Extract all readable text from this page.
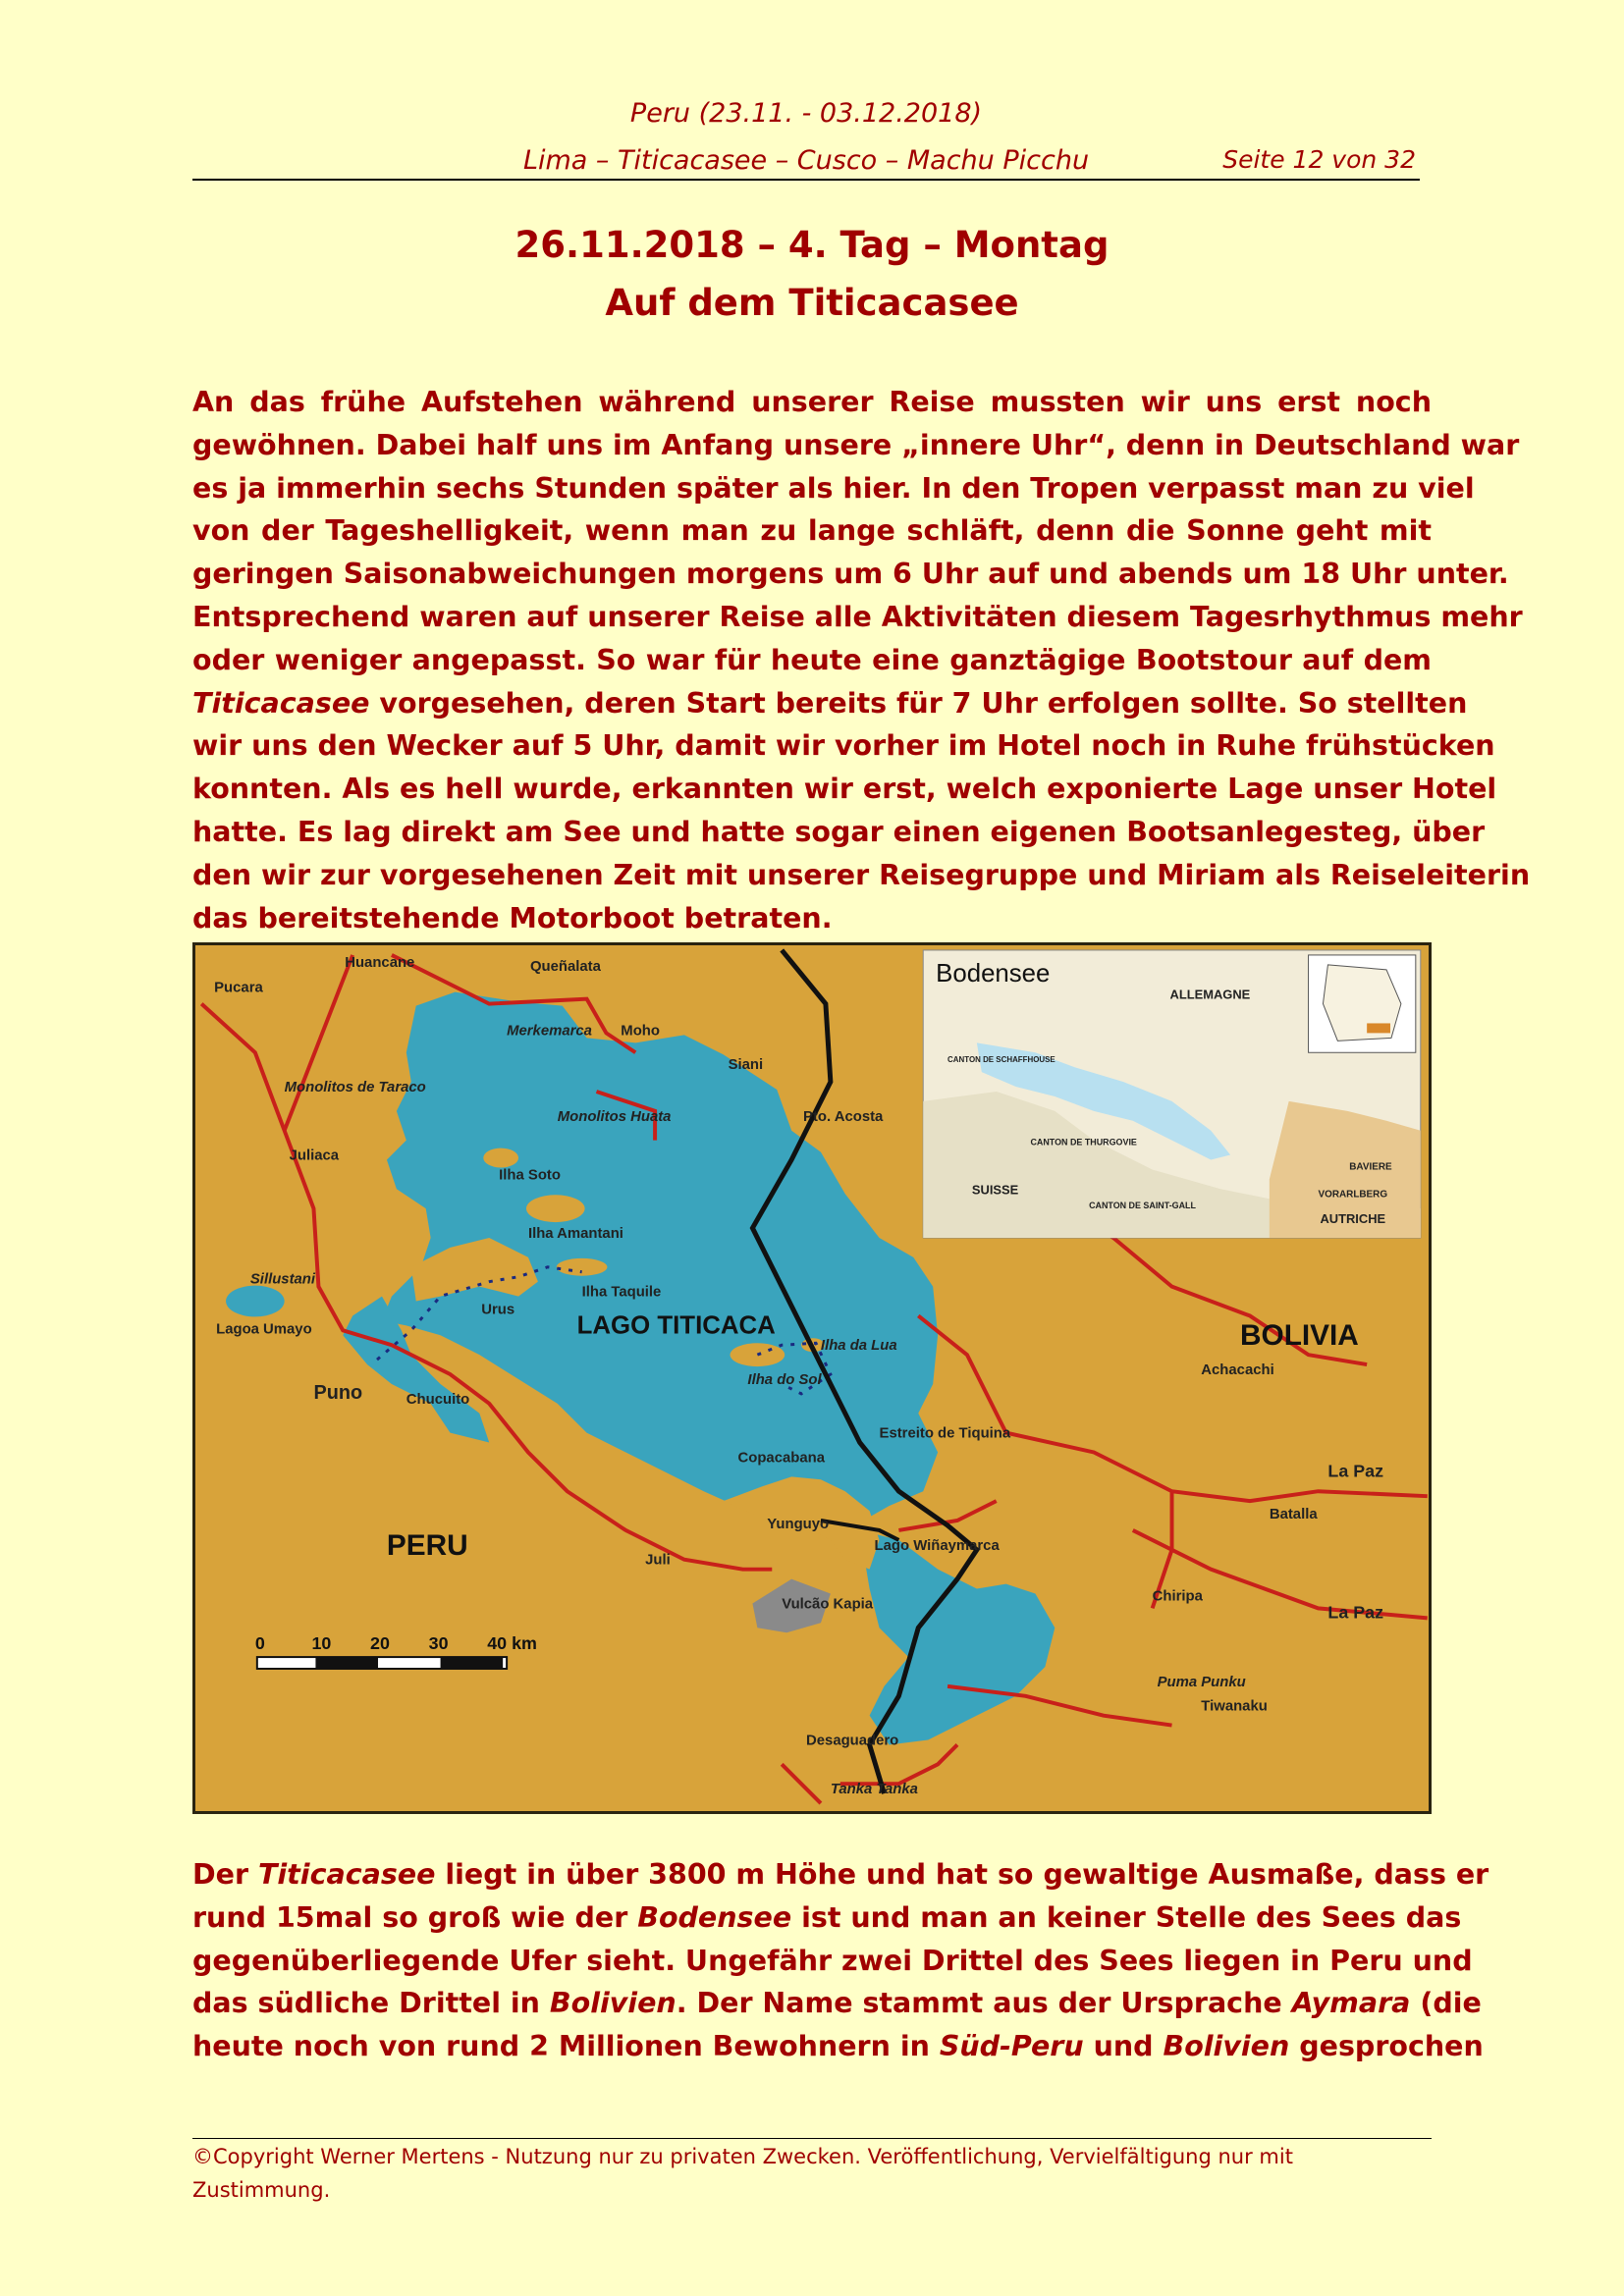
Peru (23.11. - 03.12.2018)
Lima – Titicacasee – Cusco – Machu Picchu	Seite 12 von 32
26.11.2018 – 4. Tag – Montag
Auf dem Titicacasee
An das frühe Aufstehen während unserer Reise mussten wir uns erst noch
gewöhnen. Dabei half uns im Anfang unsere „innere Uhr“, denn in Deutschland war
es ja immerhin sechs Stunden später als hier. In den Tropen verpasst man zu viel
von der Tageshelligkeit, wenn man zu lange schläft, denn die Sonne geht mit
geringen Saisonabweichungen morgens um 6 Uhr auf und abends um 18 Uhr unter.
Entsprechend waren auf unserer Reise alle Aktivitäten diesem Tagesrhythmus mehr
oder weniger angepasst. So war für heute eine ganztägige Bootstour auf dem
Titicacasee vorgesehen, deren Start bereits für 7 Uhr erfolgen sollte. So stellten
wir uns den Wecker auf 5 Uhr, damit wir vorher im Hotel noch in Ruhe frühstücken
konnten. Als es hell wurde, erkannten wir erst, welch exponierte Lage unser Hotel
hatte. Es lag direkt am See und hatte sogar einen eigenen Bootsanlegesteg, über
den wir zur vorgesehenen Zeit mit unserer Reisegruppe und Miriam als Reiseleiterin
das bereitstehende Motorboot betraten.
Huancane	Queñalata
Pucara
Merkemarca Moho
Siani
Monolitos de Taraco
Juliaca
Monolitos Huata	Pto. Acosta
Ilha Soto
Ilha Amantani
Ilha Taquile
Urus
Sillustani
Lagoa Umayo
Puno	Chucuito
Ilha do Sol
Ilha da Lua
Achacachi
Estreito de Tiquina
Copacabana
Yunguyo
Juli
Lago Wiñaymarca
Vulcão Kapia
La Paz
Batalla
Chiripa
La Paz
Puma Punku
Tiwanaku
Desaguadero
Tanka Tanka
LAGO TITICACA
PERU
BOLIVIA
0	10 20 30 40 km
Bodensee
ALLEMAGNE
SUISSE
AUTRICHE
BAVIERE
VORARLBERG
CANTON DE THURGOVIE
CANTON DE SCHAFFHOUSE
CANTON DE SAINT-GALL
Der Titicacasee liegt in über 3800 m Höhe und hat so gewaltige Ausmaße, dass er
rund 15mal so groß wie der Bodensee ist und man an keiner Stelle des Sees das
gegenüberliegende Ufer sieht. Ungefähr zwei Drittel des Sees liegen in Peru und
das südliche Drittel in Bolivien. Der Name stammt aus der Ursprache Aymara (die
heute noch von rund 2 Millionen Bewohnern in Süd-Peru und Bolivien gesprochen
©Copyright Werner Mertens - Nutzung nur zu privaten Zwecken. Veröffentlichung, Vervielfältigung nur mit Zustimmung.
